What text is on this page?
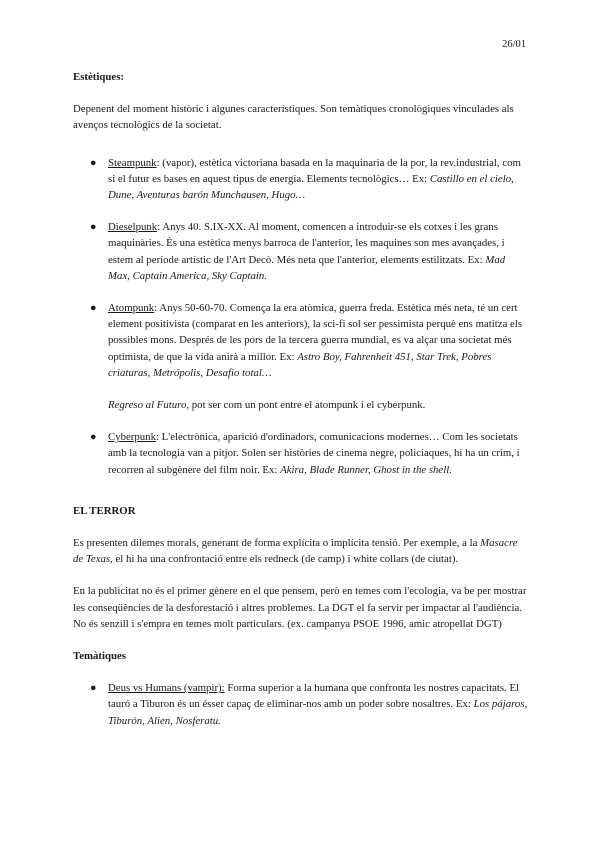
26/01

Estètiques:

Depenent del moment històric i algunes característiques. Son temàtiques cronològiques vinculades als avenços tecnològics de la societat.

● Steampunk: (vapor), estètica victoriana basada en la maquinaria de la por, la rev.industrial, com si el futur es bases en aquest tipus de energia. Elements tecnològics… Ex: Castillo en el cielo, Dune, Aventuras barón Munchausen, Hugo…
● Dieselpunk: Anys 40. S.IX-XX. Al moment, comencen a introduir-se els cotxes i les grans maquinàries. És una estètica menys barroca de l'anterior, les maquines son mes avançades, i estem al període artístic de l'Art Decò. Més neta que l'anterior, elements estilitzats. Ex: Mad Max, Captain America, Sky Captain.
● Atompunk: Anys 50-60-70. Comença la era atòmica, guerra freda. Estètica més neta, té un cert element positivista (comparat en les anteriors), la sci-fi sol ser pessimista perquè ens matitza els possibles mons. Després de les pors de la tercera guerra mundial, es va alçar una societat més optimista, de que la vida anirà a millor. Ex: Astro Boy, Fahrenheit 451, Star Trek, Pobres criaturas, Metrópolis, Desafio total…

Regreso al Futuro, pot ser com un pont entre el atompunk i el cyberpunk.

● Cyberpunk: L'electrònica, aparició d'ordinadors, comunicacions modernes… Com les societats amb la tecnologia van a pitjor. Solen ser històries de cinema negre, policíaques, hi ha un crim, i recorren al subgènere del film noir. Ex: Akira, Blade Runner, Ghost in the shell.

EL TERROR

Es presenten dilemes morals, generant de forma explícita o implícita tensió. Per exemple, a la Masacre de Texas, el hi ha una confrontació entre els redneck (de camp) i white collars (de ciutat).

En la publicitat no és el primer gènere en el que pensem, però en temes com l'ecologia, va be per mostrar les conseqüències de la desforestació i altres problemes. La DGT el fa servir per impactar al l'audiència. No és senzill i s'empra en temes molt particulars. (ex. campanya PSOE 1996, amic atropellat DGT)

Temàtiques

● Deus vs Humans (vampir): Forma superior a la humana que confronta les nostres capacitats. El tauró a Tiburon és un ésser capaç de eliminar-nos amb un poder sobre nosaltres. Ex: Los pájaros, Tiburón, Alien, Nosferatu.
